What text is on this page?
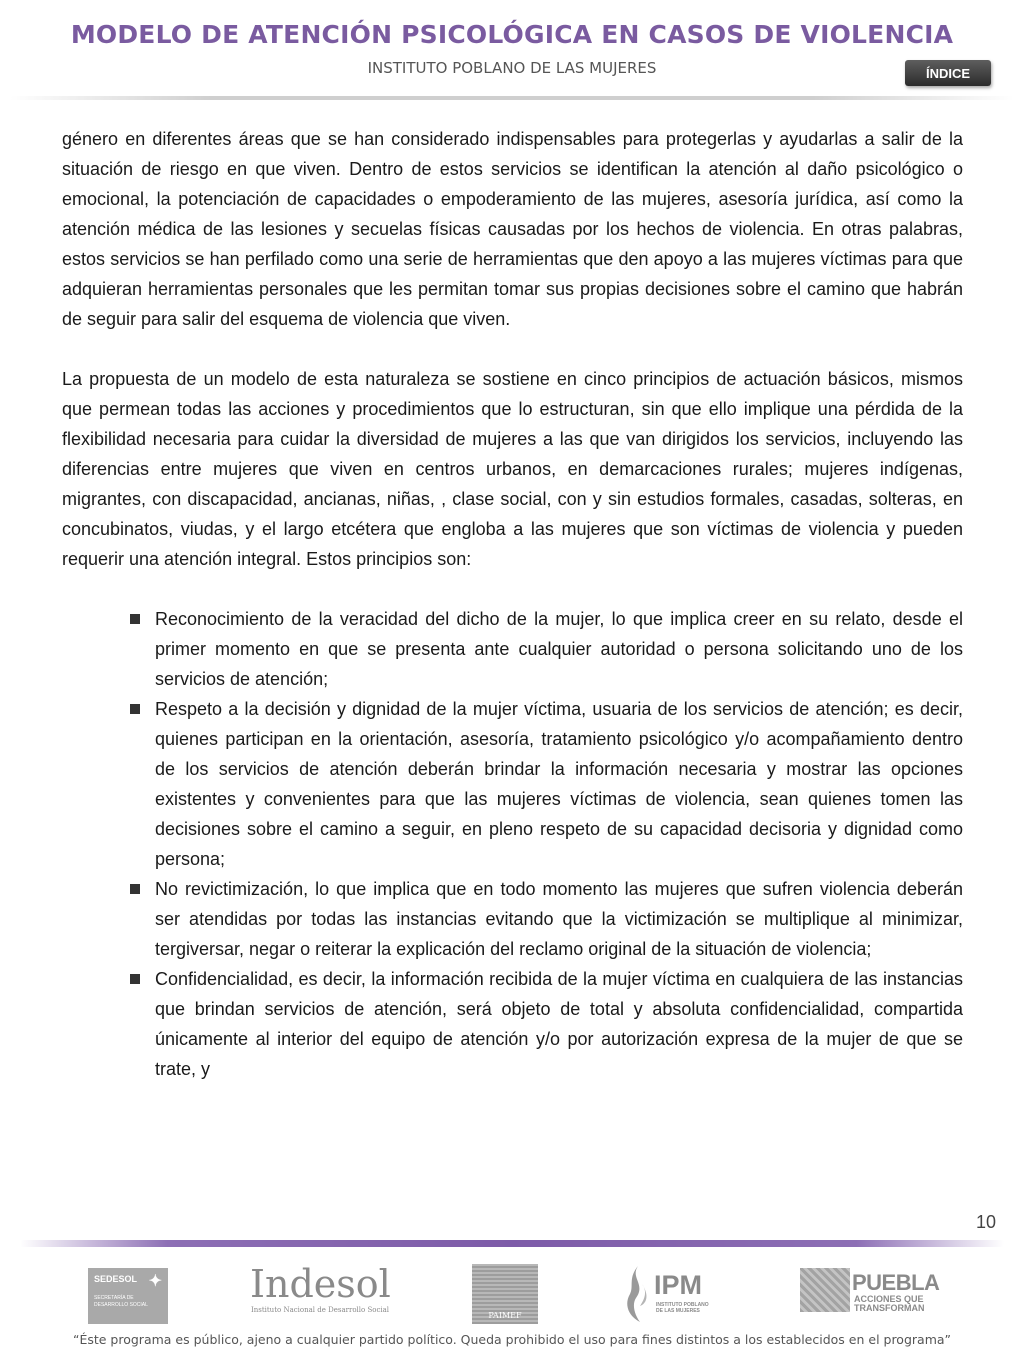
MODELO DE ATENCIÓN PSICOLÓGICA EN CASOS DE VIOLENCIA
INSTITUTO POBLANO DE LAS MUJERES	ÍNDICE

género en diferentes áreas que se han considerado indispensables para protegerlas y ayudarlas a salir de la situación de riesgo en que viven. Dentro de estos servicios se identifican la atención al daño psicológico o emocional, la potenciación de capacidades o empoderamiento de las mujeres, asesoría jurídica, así como la atención médica de las lesiones y secuelas físicas causadas por los hechos de violencia. En otras palabras, estos servicios se han perfilado como una serie de herramientas que den apoyo a las mujeres víctimas para que adquieran herramientas personales que les permitan tomar sus propias decisiones sobre el camino que habrán de seguir para salir del esquema de violencia que viven.

La propuesta de un modelo de esta naturaleza se sostiene en cinco principios de actuación básicos, mismos que permean todas las acciones y procedimientos que lo estructuran, sin que ello implique una pérdida de la flexibilidad necesaria para cuidar la diversidad de mujeres a las que van dirigidos los servicios, incluyendo las diferencias entre mujeres que viven en centros urbanos, en demarcaciones rurales; mujeres indígenas, migrantes, con discapacidad, ancianas, niñas, , clase social, con y sin estudios formales, casadas, solteras, en concubinatos, viudas, y el largo etcétera que engloba a las mujeres que son víctimas de violencia y pueden requerir una atención integral. Estos principios son:

Reconocimiento de la veracidad del dicho de la mujer, lo que implica creer en su relato, desde el primer momento en que se presenta ante cualquier autoridad o persona solicitando uno de los servicios de atención;
Respeto a la decisión y dignidad de la mujer víctima, usuaria de los servicios de atención; es decir, quienes participan en la orientación, asesoría, tratamiento psicológico y/o acompañamiento dentro de los servicios de atención deberán brindar la información necesaria y mostrar las opciones existentes y convenientes para que las mujeres víctimas de violencia, sean quienes tomen las decisiones sobre el camino a seguir, en pleno respeto de su capacidad decisoria y dignidad como persona;
No revictimización, lo que implica que en todo momento las mujeres que sufren violencia deberán ser atendidas por todas las instancias evitando que la victimización se multiplique al minimizar, tergiversar, negar o reiterar la explicación del reclamo original de la situación de violencia;
Confidencialidad, es decir, la información recibida de la mujer víctima en cualquiera de las instancias que brindan servicios de atención, será objeto de total y absoluta confidencialidad, compartida únicamente al interior del equipo de atención y/o por autorización expresa de la mujer de que se trate, y
10
✦
SEDESOL
SECRETARÍA DE DESARROLLO SOCIAL	Indesol
Instituto Nacional de Desarrollo Social
PAIMEF
IPM
INSTITUTO POBLANO DE LAS MUJERES
PUEBLA
ACCIONES QUE TRANSFORMAN
“Éste programa es público, ajeno a cualquier partido político. Queda prohibido el uso para fines distintos a los establecidos en el programa”
